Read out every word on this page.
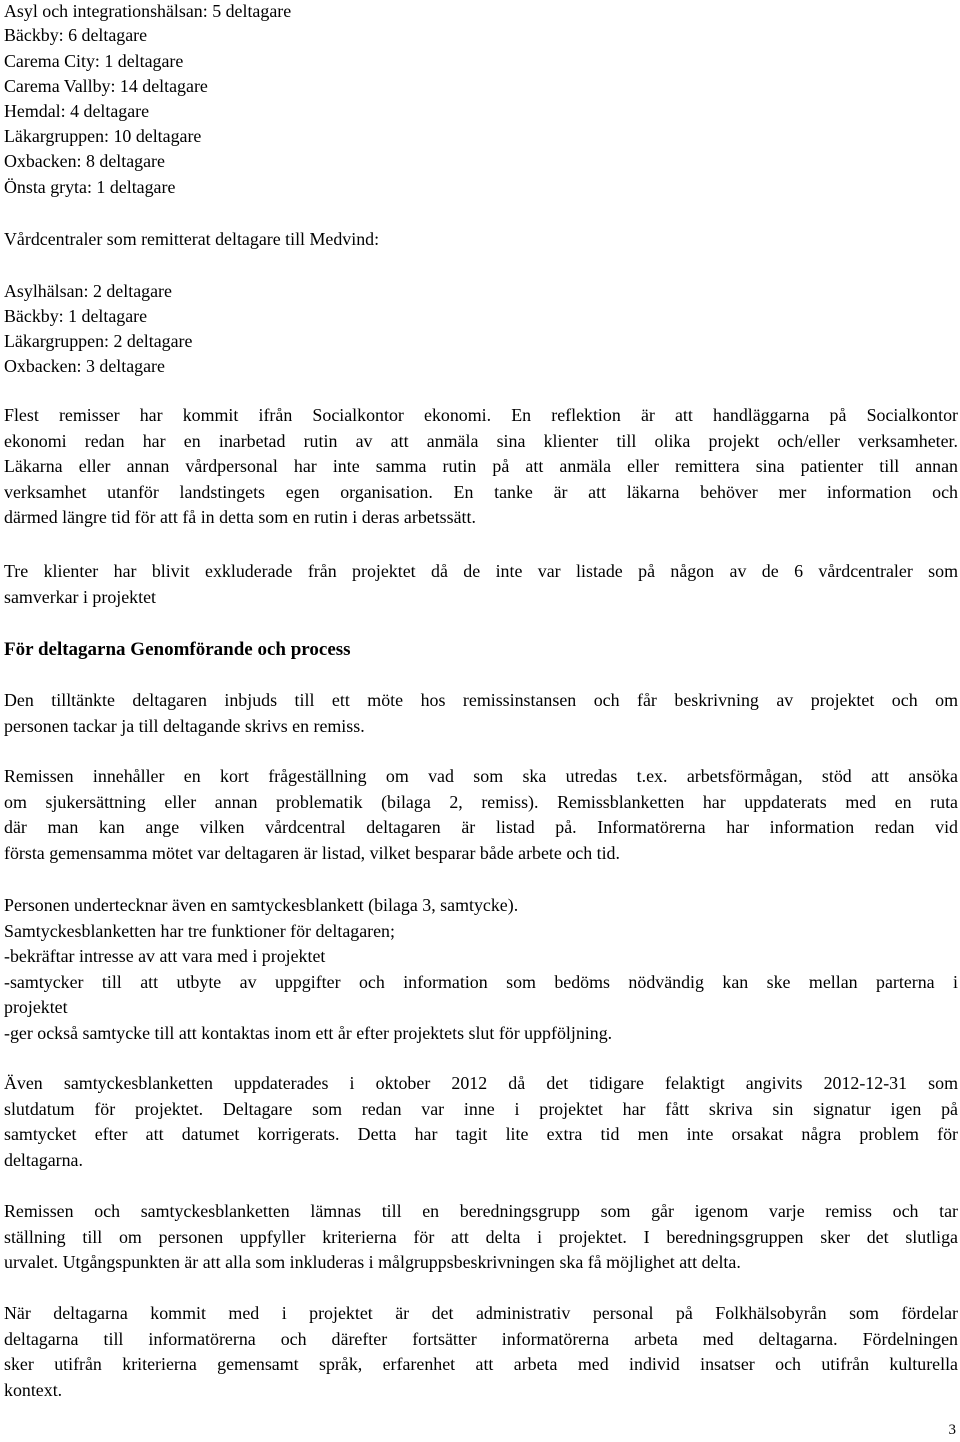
Asyl och integrationshälsan: 5 deltagare
Bäckby: 6 deltagare
Carema City: 1 deltagare
Carema Vallby: 14 deltagare
Hemdal: 4 deltagare
Läkargruppen: 10 deltagare
Oxbacken: 8 deltagare
Önsta gryta: 1 deltagare
Vårdcentraler som remitterat deltagare till Medvind:
Asylhälsan: 2 deltagare
Bäckby: 1 deltagare
Läkargruppen: 2 deltagare
Oxbacken: 3 deltagare
Flest remisser har kommit ifrån Socialkontor ekonomi. En reflektion är att handläggarna på Socialkontor
ekonomi redan har en inarbetad rutin av att anmäla sina klienter till olika projekt och/eller verksamheter.
Läkarna eller annan vårdpersonal har inte samma rutin på att anmäla eller remittera sina patienter till annan
verksamhet utanför landstingets egen organisation. En tanke är att läkarna behöver mer information och
därmed längre tid för att få in detta som en rutin i deras arbetssätt.
Tre klienter har blivit exkluderade från projektet då de inte var listade på någon av de 6 vårdcentraler som
samverkar i projektet
För deltagarna Genomförande och process
Den tilltänkte deltagaren inbjuds till ett möte hos remissinstansen och får beskrivning av projektet och om
personen tackar ja till deltagande skrivs en remiss.
Remissen innehåller en kort frågeställning om vad som ska utredas t.ex. arbetsförmågan, stöd att ansöka
om sjukersättning eller annan problematik (bilaga 2, remiss). Remissblanketten har uppdaterats med en ruta
där man kan ange vilken vårdcentral deltagaren är listad på. Informatörerna har information redan vid
första gemensamma mötet var deltagaren är listad, vilket besparar både arbete och tid.
Personen undertecknar även en samtyckesblankett (bilaga 3, samtycke).
Samtyckesblanketten har tre funktioner för deltagaren;
-bekräftar intresse av att vara med i projektet
-samtycker till att utbyte av uppgifter och information som bedöms nödvändig kan ske mellan parterna i
projektet
-ger också samtycke till att kontaktas inom ett år efter projektets slut för uppföljning.
Även samtyckesblanketten uppdaterades i oktober 2012 då det tidigare felaktigt angivits 2012-12-31 som
slutdatum för projektet. Deltagare som redan var inne i projektet har fått skriva sin signatur igen på
samtycket efter att datumet korrigerats. Detta har tagit lite extra tid men inte orsakat några problem för
deltagarna.
Remissen och samtyckesblanketten lämnas till en beredningsgrupp som går igenom varje remiss och tar
ställning till om personen uppfyller kriterierna för att delta i projektet. I beredningsgruppen sker det slutliga
urvalet. Utgångspunkten är att alla som inkluderas i målgruppsbeskrivningen ska få möjlighet att delta.
När deltagarna kommit med i projektet är det administrativ personal på Folkhälsobyrån som fördelar
deltagarna till informatörerna och därefter fortsätter informatörerna arbeta med deltagarna. Fördelningen
sker utifrån kriterierna gemensamt språk, erfarenhet att arbeta med individ insatser och utifrån kulturella
kontext.
3
